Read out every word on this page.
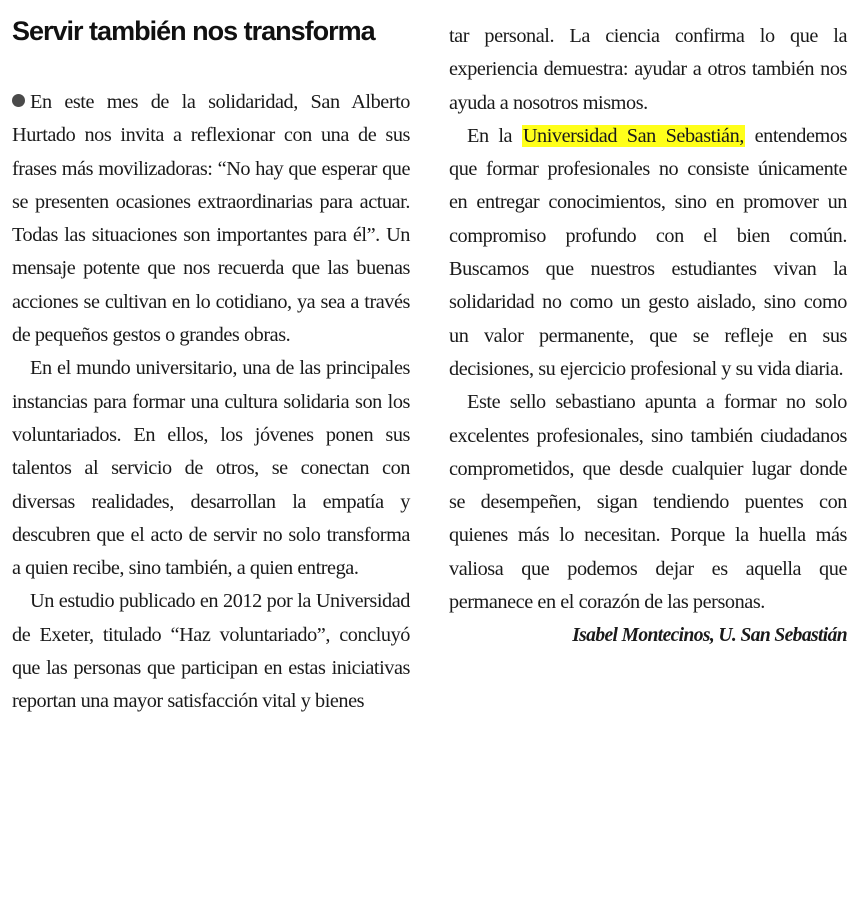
Servir también nos transforma

En este mes de la solidaridad, San Alberto Hurtado nos invita a reflexionar con una de sus frases más movilizadoras: “No hay que esperar que se presenten ocasiones extraordinarias para actuar. Todas las situaciones son importantes para él”. Un mensaje potente que nos recuerda que las buenas acciones se cultivan en lo cotidiano, ya sea a través de pequeños gestos o grandes obras.

En el mundo universitario, una de las principales instancias para formar una cultura solidaria son los voluntariados. En ellos, los jóvenes ponen sus talentos al servicio de otros, se conectan con diversas realidades, desarrollan la empatía y descubren que el acto de servir no solo transforma a quien recibe, sino también, a quien entrega.

Un estudio publicado en 2012 por la Universidad de Exeter, titulado “Haz voluntariado”, concluyó que las personas que participan en estas iniciativas reportan una mayor satisfacción vital y bienes

tar personal. La ciencia confirma lo que la experiencia demuestra: ayudar a otros también nos ayuda a nosotros mismos.

En la Universidad San Sebastián, entendemos que formar profesionales no consiste únicamente en entregar conocimientos, sino en promover un compromiso profundo con el bien común. Buscamos que nuestros estudiantes vivan la solidaridad no como un gesto aislado, sino como un valor permanente, que se refleje en sus decisiones, su ejercicio profesional y su vida diaria.

Este sello sebastiano apunta a formar no solo excelentes profesionales, sino también ciudadanos comprometidos, que desde cualquier lugar donde se desempeñen, sigan tendiendo puentes con quienes más lo necesitan. Porque la huella más valiosa que podemos dejar es aquella que permanece en el corazón de las personas.

Isabel Montecinos, U. San Sebastián
